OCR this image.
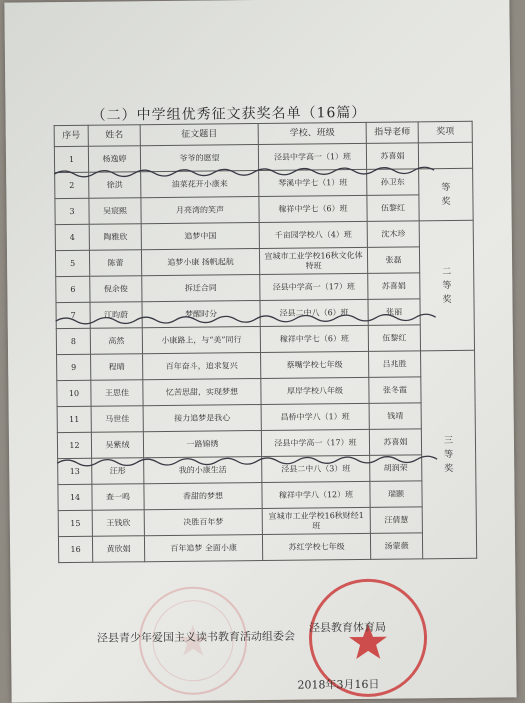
（二）中学组优秀征文获奖名单（16篇）
序号	姓名	征文题目	学校、班级	指导老师	奖项
1	杨逸婷	爷爷的愿望	泾县中学高一（1）班	苏喜娟	
2	徐洪	油菜花开小康来	琴溪中学七（1）班	孙卫东	等
奖

3	吴宸熙	月亮湾的笑声	稼祥中学七（6）班	伍黎红	
4	陶雅欣	追梦中国	千亩园学校八（4）班	沈木珍	二
等
奖

5	陈蕾	追梦小康 扬帆起航	宣城市工业学校16秋文化体特班	张磊	
6	倪余俊	拆迁合同	泾县中学高一（17）班	苏喜娟	
7	江昀蔚	梦醒时分	泾县二中八（6）班	张丽	
8	高然	小康路上，与“美”同行	稼祥中学七（6）班	伍黎红	
9	程晴	百年奋斗，追求复兴	蔡嘴学校七年级	吕兆胜	三
等
奖

10	王思佳	忆苦思甜，实现梦想	厚岸学校八年级	张冬霞	
11	马世佳	接力追梦是我心	昌桥中学八（1）班	钱靖	
12	吴紫绒	一路锦绣	泾县中学高一（17）班	苏喜娟	
13	汪彤	我的小康生活	泾县二中八（3）班	胡润荣	
14	查一鸣	香甜的梦想	稼祥中学八（12）班	瑞颢	
15	王钱欣	决胜百年梦	宣城市工业学校16秋财经1班	汪倩慧	
16	黄欣娟	百年追梦 全面小康	苏红学校七年级	汤蒙薇	
泾县青少年爱国主义读书教育活动组委会
泾县教育体育局
2018年3月16日
